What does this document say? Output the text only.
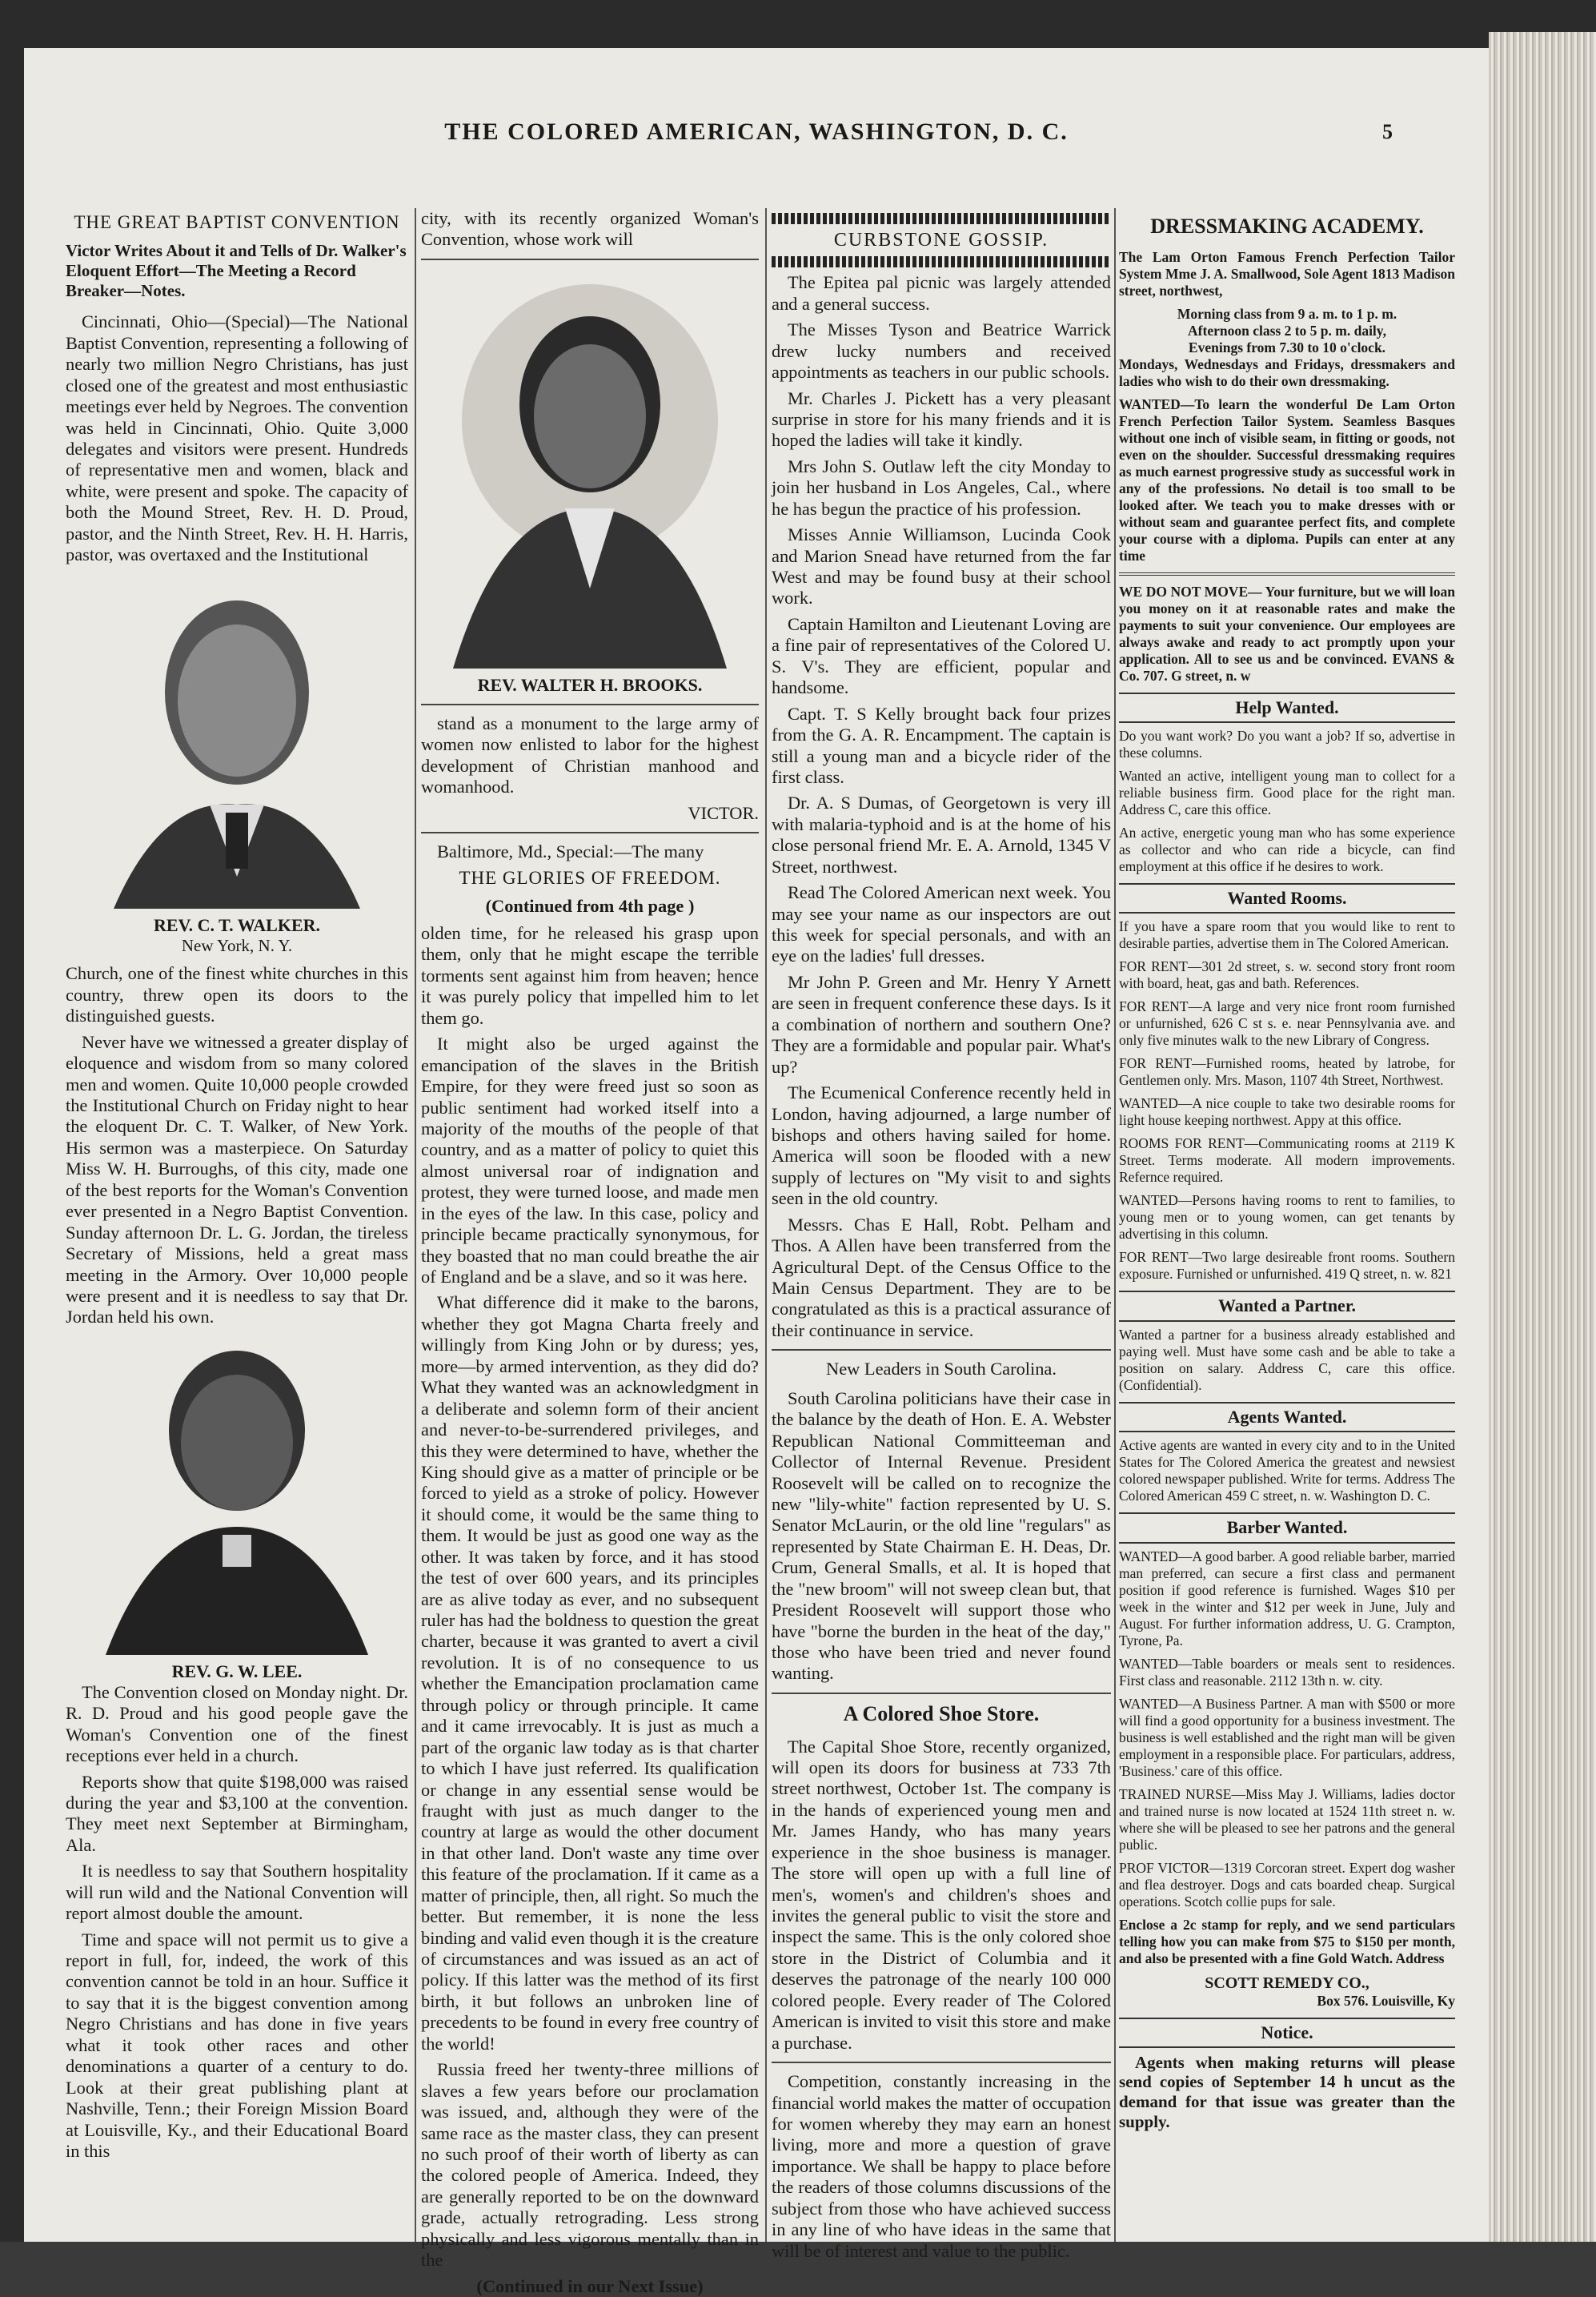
THE COLORED AMERICAN, WASHINGTON, D. C.	5
THE GREAT BAPTIST CONVENTION
Victor Writes About it and Tells of Dr. Walker's Eloquent Effort—The Meeting a Record Breaker—Notes.

Cincinnati, Ohio—(Special)—The National Baptist Convention, representing a following of nearly two million Negro Christians, has just closed one of the greatest and most enthusiastic meetings ever held by Negroes. The convention was held in Cincinnati, Ohio. Quite 3,000 delegates and visitors were present. Hundreds of representative men and women, black and white, were present and spoke. The capacity of both the Mound Street, Rev. H. D. Proud, pastor, and the Ninth Street, Rev. H. H. Harris, pastor, was overtaxed and the Institutional

REV. C. T. WALKER.
New York, N. Y.

Church, one of the finest white churches in this country, threw open its doors to the distinguished guests.

Never have we witnessed a greater display of eloquence and wisdom from so many colored men and women. Quite 10,000 people crowded the Institutional Church on Friday night to hear the eloquent Dr. C. T. Walker, of New York. His sermon was a masterpiece. On Saturday Miss W. H. Burroughs, of this city, made one of the best reports for the Woman's Convention ever presented in a Negro Baptist Convention. Sunday afternoon Dr. L. G. Jordan, the tireless Secretary of Missions, held a great mass meeting in the Armory. Over 10,000 people were present and it is needless to say that Dr. Jordan held his own.

REV. G. W. LEE.

The Convention closed on Monday night. Dr. R. D. Proud and his good people gave the Woman's Convention one of the finest receptions ever held in a church.

Reports show that quite $198,000 was raised during the year and $3,100 at the convention. They meet next September at Birmingham, Ala.

It is needless to say that Southern hospitality will run wild and the National Convention will report almost double the amount.

Time and space will not permit us to give a report in full, for, indeed, the work of this convention cannot be told in an hour. Suffice it to say that it is the biggest convention among Negro Christians and has done in five years what it took other races and other denominations a quarter of a century to do. Look at their great publishing plant at Nashville, Tenn.; their Foreign Mission Board at Louisville, Ky., and their Educational Board in this

city, with its recently organized Woman's Convention, whose work will

REV. WALTER H. BROOKS.

stand as a monument to the large army of women now enlisted to labor for the highest development of Christian manhood and womanhood.

VICTOR.

Baltimore, Md., Special:—The many

THE GLORIES OF FREEDOM.
(Continued from 4th page )

olden time, for he released his grasp upon them, only that he might escape the terrible torments sent against him from heaven; hence it was purely policy that impelled him to let them go.

It might also be urged against the emancipation of the slaves in the British Empire, for they were freed just so soon as public sentiment had worked itself into a majority of the mouths of the people of that country, and as a matter of policy to quiet this almost universal roar of indignation and protest, they were turned loose, and made men in the eyes of the law. In this case, policy and principle became practically synonymous, for they boasted that no man could breathe the air of England and be a slave, and so it was here.

What difference did it make to the barons, whether they got Magna Charta freely and willingly from King John or by duress; yes, more—by armed intervention, as they did do? What they wanted was an acknowledgment in a deliberate and solemn form of their ancient and never-to-be-surrendered privileges, and this they were determined to have, whether the King should give as a matter of principle or be forced to yield as a stroke of policy. However it should come, it would be the same thing to them. It would be just as good one way as the other. It was taken by force, and it has stood the test of over 600 years, and its principles are as alive today as ever, and no subsequent ruler has had the boldness to question the great charter, because it was granted to avert a civil revolution. It is of no consequence to us whether the Emancipation proclamation came through policy or through principle. It came and it came irrevocably. It is just as much a part of the organic law today as is that charter to which I have just referred. Its qualification or change in any essential sense would be fraught with just as much danger to the country at large as would the other document in that other land. Don't waste any time over this feature of the proclamation. If it came as a matter of principle, then, all right. So much the better. But remember, it is none the less binding and valid even though it is the creature of circumstances and was issued as an act of policy. If this latter was the method of its first birth, it but follows an unbroken line of precedents to be found in every free country of the world!

Russia freed her twenty-three millions of slaves a few years before our proclamation was issued, and, although they were of the same race as the master class, they can present no such proof of their worth of liberty as can the colored people of America. Indeed, they are generally reported to be on the downward grade, actually retrograding. Less strong physically and less vigorous mentally than in the

(Continued in our Next Issue)
CURBSTONE GOSSIP.

The Epitea pal picnic was largely attended and a general success.

The Misses Tyson and Beatrice Warrick drew lucky numbers and received appointments as teachers in our public schools.

Mr. Charles J. Pickett has a very pleasant surprise in store for his many friends and it is hoped the ladies will take it kindly.

Mrs John S. Outlaw left the city Monday to join her husband in Los Angeles, Cal., where he has begun the practice of his profession.

Misses Annie Williamson, Lucinda Cook and Marion Snead have returned from the far West and may be found busy at their school work.

Captain Hamilton and Lieutenant Loving are a fine pair of representatives of the Colored U. S. V's. They are efficient, popular and handsome.

Capt. T. S Kelly brought back four prizes from the G. A. R. Encampment. The captain is still a young man and a bicycle rider of the first class.

Dr. A. S Dumas, of Georgetown is very ill with malaria-typhoid and is at the home of his close personal friend Mr. E. A. Arnold, 1345 V Street, northwest.

Read The Colored American next week. You may see your name as our inspectors are out this week for special personals, and with an eye on the ladies' full dresses.

Mr John P. Green and Mr. Henry Y Arnett are seen in frequent conference these days. Is it a combination of northern and southern One? They are a formidable and popular pair. What's up?

The Ecumenical Conference recently held in London, having adjourned, a large number of bishops and others having sailed for home. America will soon be flooded with a new supply of lectures on "My visit to and sights seen in the old country.

Messrs. Chas E Hall, Robt. Pelham and Thos. A Allen have been transferred from the Agricultural Dept. of the Census Office to the Main Census Department. They are to be congratulated as this is a practical assurance of their continuance in service.

New Leaders in South Carolina.

South Carolina politicians have their case in the balance by the death of Hon. E. A. Webster Republican National Committeeman and Collector of Internal Revenue. President Roosevelt will be called on to recognize the new "lily-white" faction represented by U. S. Senator McLaurin, or the old line "regulars" as represented by State Chairman E. H. Deas, Dr. Crum, General Smalls, et al. It is hoped that the "new broom" will not sweep clean but, that President Roosevelt will support those who have "borne the burden in the heat of the day," those who have been tried and never found wanting.

A Colored Shoe Store.

The Capital Shoe Store, recently organized, will open its doors for business at 733 7th street northwest, October 1st. The company is in the hands of experienced young men and Mr. James Handy, who has many years experience in the shoe business is manager. The store will open up with a full line of men's, women's and children's shoes and invites the general public to visit the store and inspect the same. This is the only colored shoe store in the District of Columbia and it deserves the patronage of the nearly 100 000 colored people. Every reader of The Colored American is invited to visit this store and make a purchase.

Competition, constantly increasing in the financial world makes the matter of occupation for women whereby they may earn an honest living, more and more a question of grave importance. We shall be happy to place before the readers of those columns discussions of the subject from those who have achieved success in any line of who have ideas in the same that will be of interest and value to the public.

DRESSMAKING ACADEMY.

The Lam Orton Famous French Perfection Tailor System Mme J. A. Smallwood, Sole Agent 1813 Madison street, northwest,

Morning class from 9 a. m. to 1 p. m.
Afternoon class 2 to 5 p. m. daily,
Evenings from 7.30 to 10 o'clock.

Mondays, Wednesdays and Fridays, dressmakers and ladies who wish to do their own dressmaking.

WANTED—To learn the wonderful De Lam Orton French Perfection Tailor System. Seamless Basques without one inch of visible seam, in fitting or goods, not even on the shoulder. Successful dressmaking requires as much earnest progressive study as successful work in any of the professions. No detail is too small to be looked after. We teach you to make dresses with or without seam and guarantee perfect fits, and complete your course with a diploma. Pupils can enter at any time

WE DO NOT MOVE— Your furniture, but we will loan you money on it at reasonable rates and make the payments to suit your convenience. Our employees are always awake and ready to act promptly upon your application. All to see us and be convinced. EVANS & Co. 707. G street, n. w

Help Wanted.

Do you want work? Do you want a job? If so, advertise in these columns.

Wanted an active, intelligent young man to collect for a reliable business firm. Good place for the right man. Address C, care this office.

An active, energetic young man who has some experience as collector and who can ride a bicycle, can find employment at this office if he desires to work.

Wanted Rooms.

If you have a spare room that you would like to rent to desirable parties, advertise them in The Colored American.

FOR RENT—301 2d street, s. w. second story front room with board, heat, gas and bath. References.

FOR RENT—A large and very nice front room furnished or unfurnished, 626 C st s. e. near Pennsylvania ave. and only five minutes walk to the new Library of Congress.

FOR RENT—Furnished rooms, heated by latrobe, for Gentlemen only. Mrs. Mason, 1107 4th Street, Northwest.

WANTED—A nice couple to take two desirable rooms for light house keeping northwest. Appy at this office.

ROOMS FOR RENT—Communicating rooms at 2119 K Street. Terms moderate. All modern improvements. Refernce required.

WANTED—Persons having rooms to rent to families, to young men or to young women, can get tenants by advertising in this column.

FOR RENT—Two large desireable front rooms. Southern exposure. Furnished or unfurnished. 419 Q street, n. w. 821

Wanted a Partner.

Wanted a partner for a business already established and paying well. Must have some cash and be able to take a position on salary. Address C, care this office. (Confidential).

Agents Wanted.

Active agents are wanted in every city and to in the United States for The Colored America the greatest and newsiest colored newspaper published. Write for terms. Address The Colored American 459 C street, n. w. Washington D. C.

Barber Wanted.

WANTED—A good barber. A good reliable barber, married man preferred, can secure a first class and permanent position if good reference is furnished. Wages $10 per week in the winter and $12 per week in June, July and August. For further information address, U. G. Crampton, Tyrone, Pa.

WANTED—Table boarders or meals sent to residences. First class and reasonable. 2112 13th n. w. city.

WANTED—A Business Partner. A man with $500 or more will find a good opportunity for a business investment. The business is well established and the right man will be given employment in a responsible place. For particulars, address, 'Business.' care of this office.

TRAINED NURSE—Miss May J. Williams, ladies doctor and trained nurse is now located at 1524 11th street n. w. where she will be pleased to see her patrons and the general public.

PROF VICTOR—1319 Corcoran street. Expert dog washer and flea destroyer. Dogs and cats boarded cheap. Surgical operations. Scotch collie pups for sale.

Enclose a 2c stamp for reply, and we send particulars telling how you can make from $75 to $150 per month, and also be presented with a fine Gold Watch. Address

SCOTT REMEDY CO.,
Box 576. Louisville, Ky
Notice.

Agents when making returns will please send copies of September 14 h uncut as the demand for that issue was greater than the supply.
